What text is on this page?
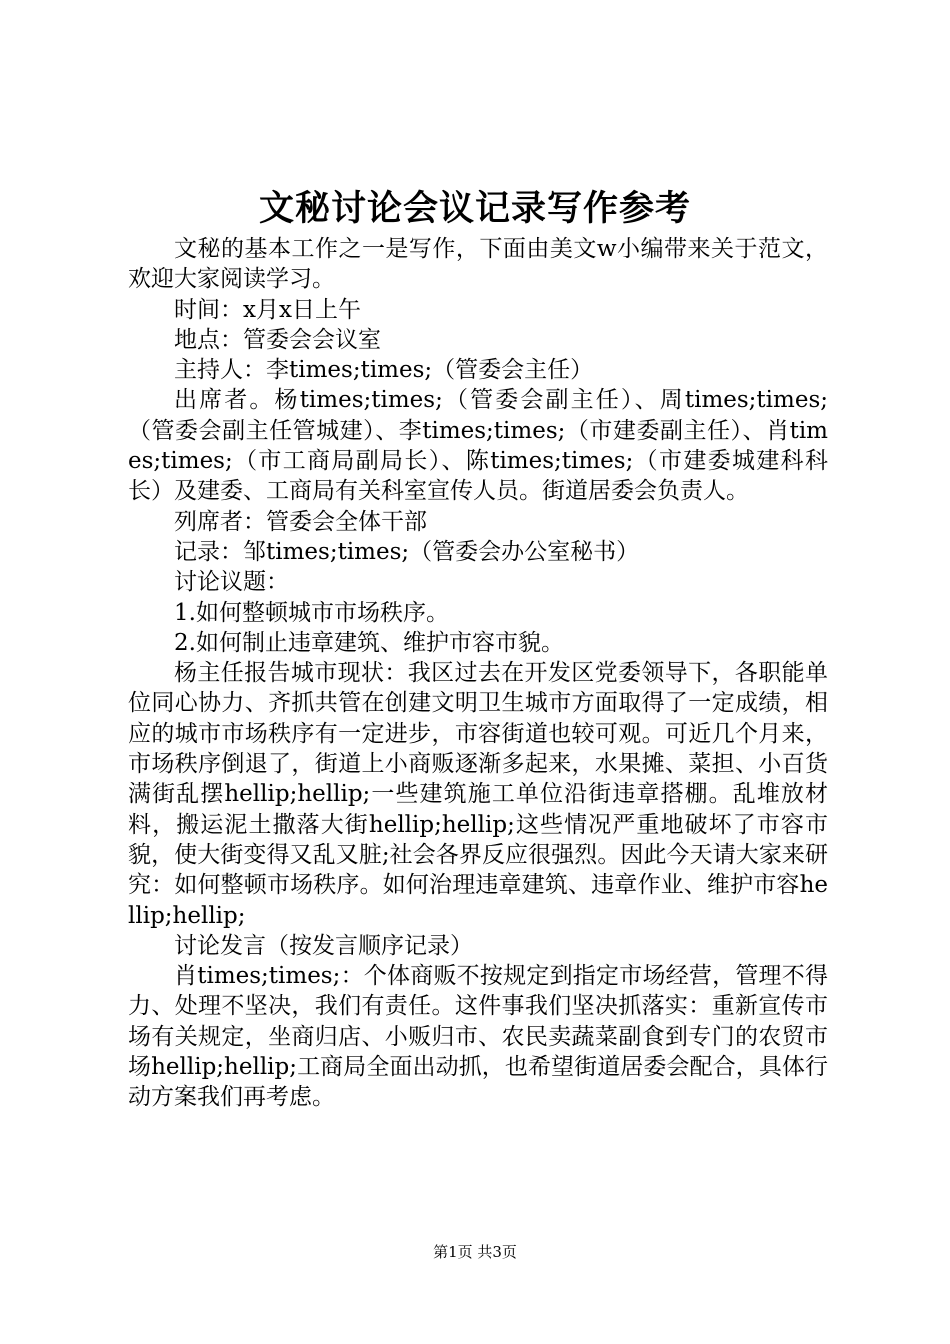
文秘讨论会议记录写作参考

文秘的基本工作之一是写作，下面由美文w小编带来关于范文，欢迎大家阅读学习。

时间：x月x日上午

地点：管委会会议室

主持人：李times;times;（管委会主任）

出席者。杨times;times;（管委会副主任）、周times;times;（管委会副主任管城建）、李times;times;（市建委副主任）、肖times;times;（市工商局副局长）、陈times;times;（市建委城建科科长）及建委、工商局有关科室宣传人员。街道居委会负责人。

列席者：管委会全体干部

记录：邹times;times;（管委会办公室秘书）

讨论议题：

1.如何整顿城市市场秩序。

2.如何制止违章建筑、维护市容市貌。

杨主任报告城市现状：我区过去在开发区党委领导下，各职能单位同心协力、齐抓共管在创建文明卫生城市方面取得了一定成绩，相应的城市市场秩序有一定进步，市容街道也较可观。可近几个月来，市场秩序倒退了，街道上小商贩逐渐多起来，水果摊、菜担、小百货满街乱摆hellip;hellip;一些建筑施工单位沿街违章搭棚。乱堆放材料，搬运泥土撒落大街hellip;hellip;这些情况严重地破坏了市容市貌，使大街变得又乱又脏;社会各界反应很强烈。因此今天请大家来研究：如何整顿市场秩序。如何治理违章建筑、违章作业、维护市容hellip;hellip;

讨论发言（按发言顺序记录）

肖times;times;：个体商贩不按规定到指定市场经营，管理不得力、处理不坚决，我们有责任。这件事我们坚决抓落实：重新宣传市场有关规定，坐商归店、小贩归市、农民卖蔬菜副食到专门的农贸市场hellip;hellip;工商局全面出动抓，也希望街道居委会配合，具体行动方案我们再考虑。

第1页 共3页
